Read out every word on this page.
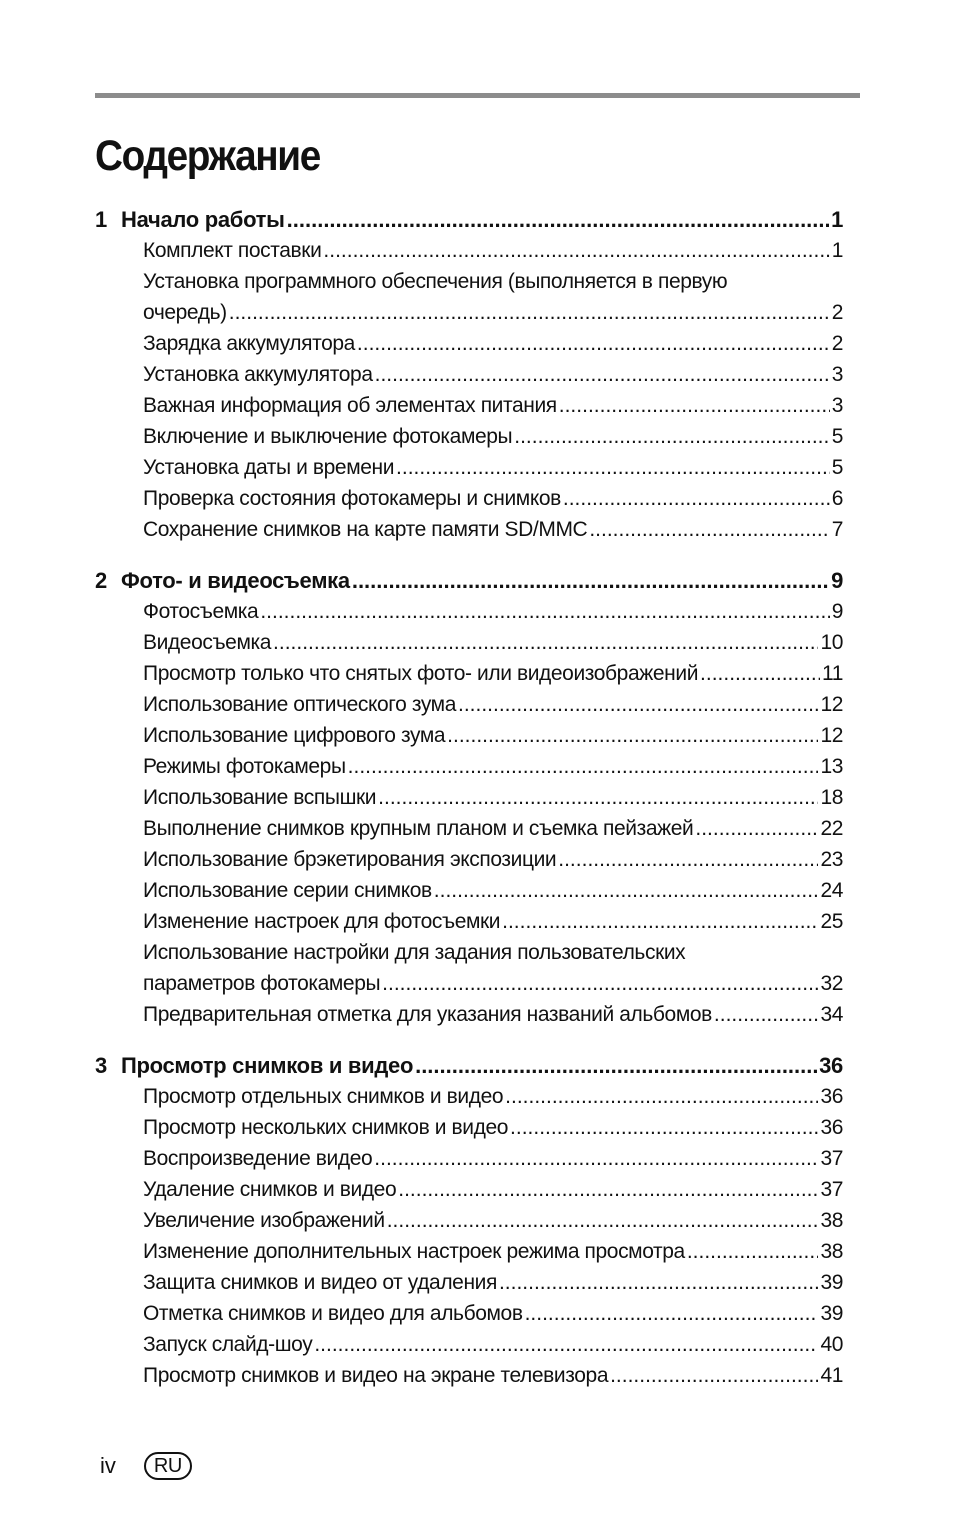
Содержание
1 Начало работы .....	1
Комплект поставки .....	1
Установка программного обеспечения (выполняется в первую
очередь) .....	2
Зарядка аккумулятора .....	2
Установка аккумулятора .....	3
Важная информация об элементах питания .....	3
Включение и выключение фотокамеры .....	5
Установка даты и времени .....	5
Проверка состояния фотокамеры и снимков .....	6
Сохранение снимков на карте памяти SD/MMC .....	7
2 Фото- и видеосъемка .....	9
Фотосъемка .....	9
Видеосъемка .....	10
Просмотр только что снятых фото- или видеоизображений .....	11
Использование оптического зума .....	12
Использование цифрового зума .....	12
Режимы фотокамеры .....	13
Использование вспышки .....	18
Выполнение снимков крупным планом и съемка пейзажей .....	22
Использование брэкетирования экспозиции .....	23
Использование серии снимков .....	24
Изменение настроек для фотосъемки .....	25
Использование настройки для задания пользовательских
параметров фотокамеры .....	32
Предварительная отметка для указания названий альбомов .....	34
3 Просмотр снимков и видео .....	36
Просмотр отдельных снимков и видео .....	36
Просмотр нескольких снимков и видео .....	36
Воспроизведение видео .....	37
Удаление снимков и видео .....	37
Увеличение изображений .....	38
Изменение дополнительных настроек режима просмотра .....	38
Защита снимков и видео от удаления .....	39
Отметка снимков и видео для альбомов .....	39
Запуск слайд-шоу .....	40
Просмотр снимков и видео на экране телевизора .....	41
iv	RU
